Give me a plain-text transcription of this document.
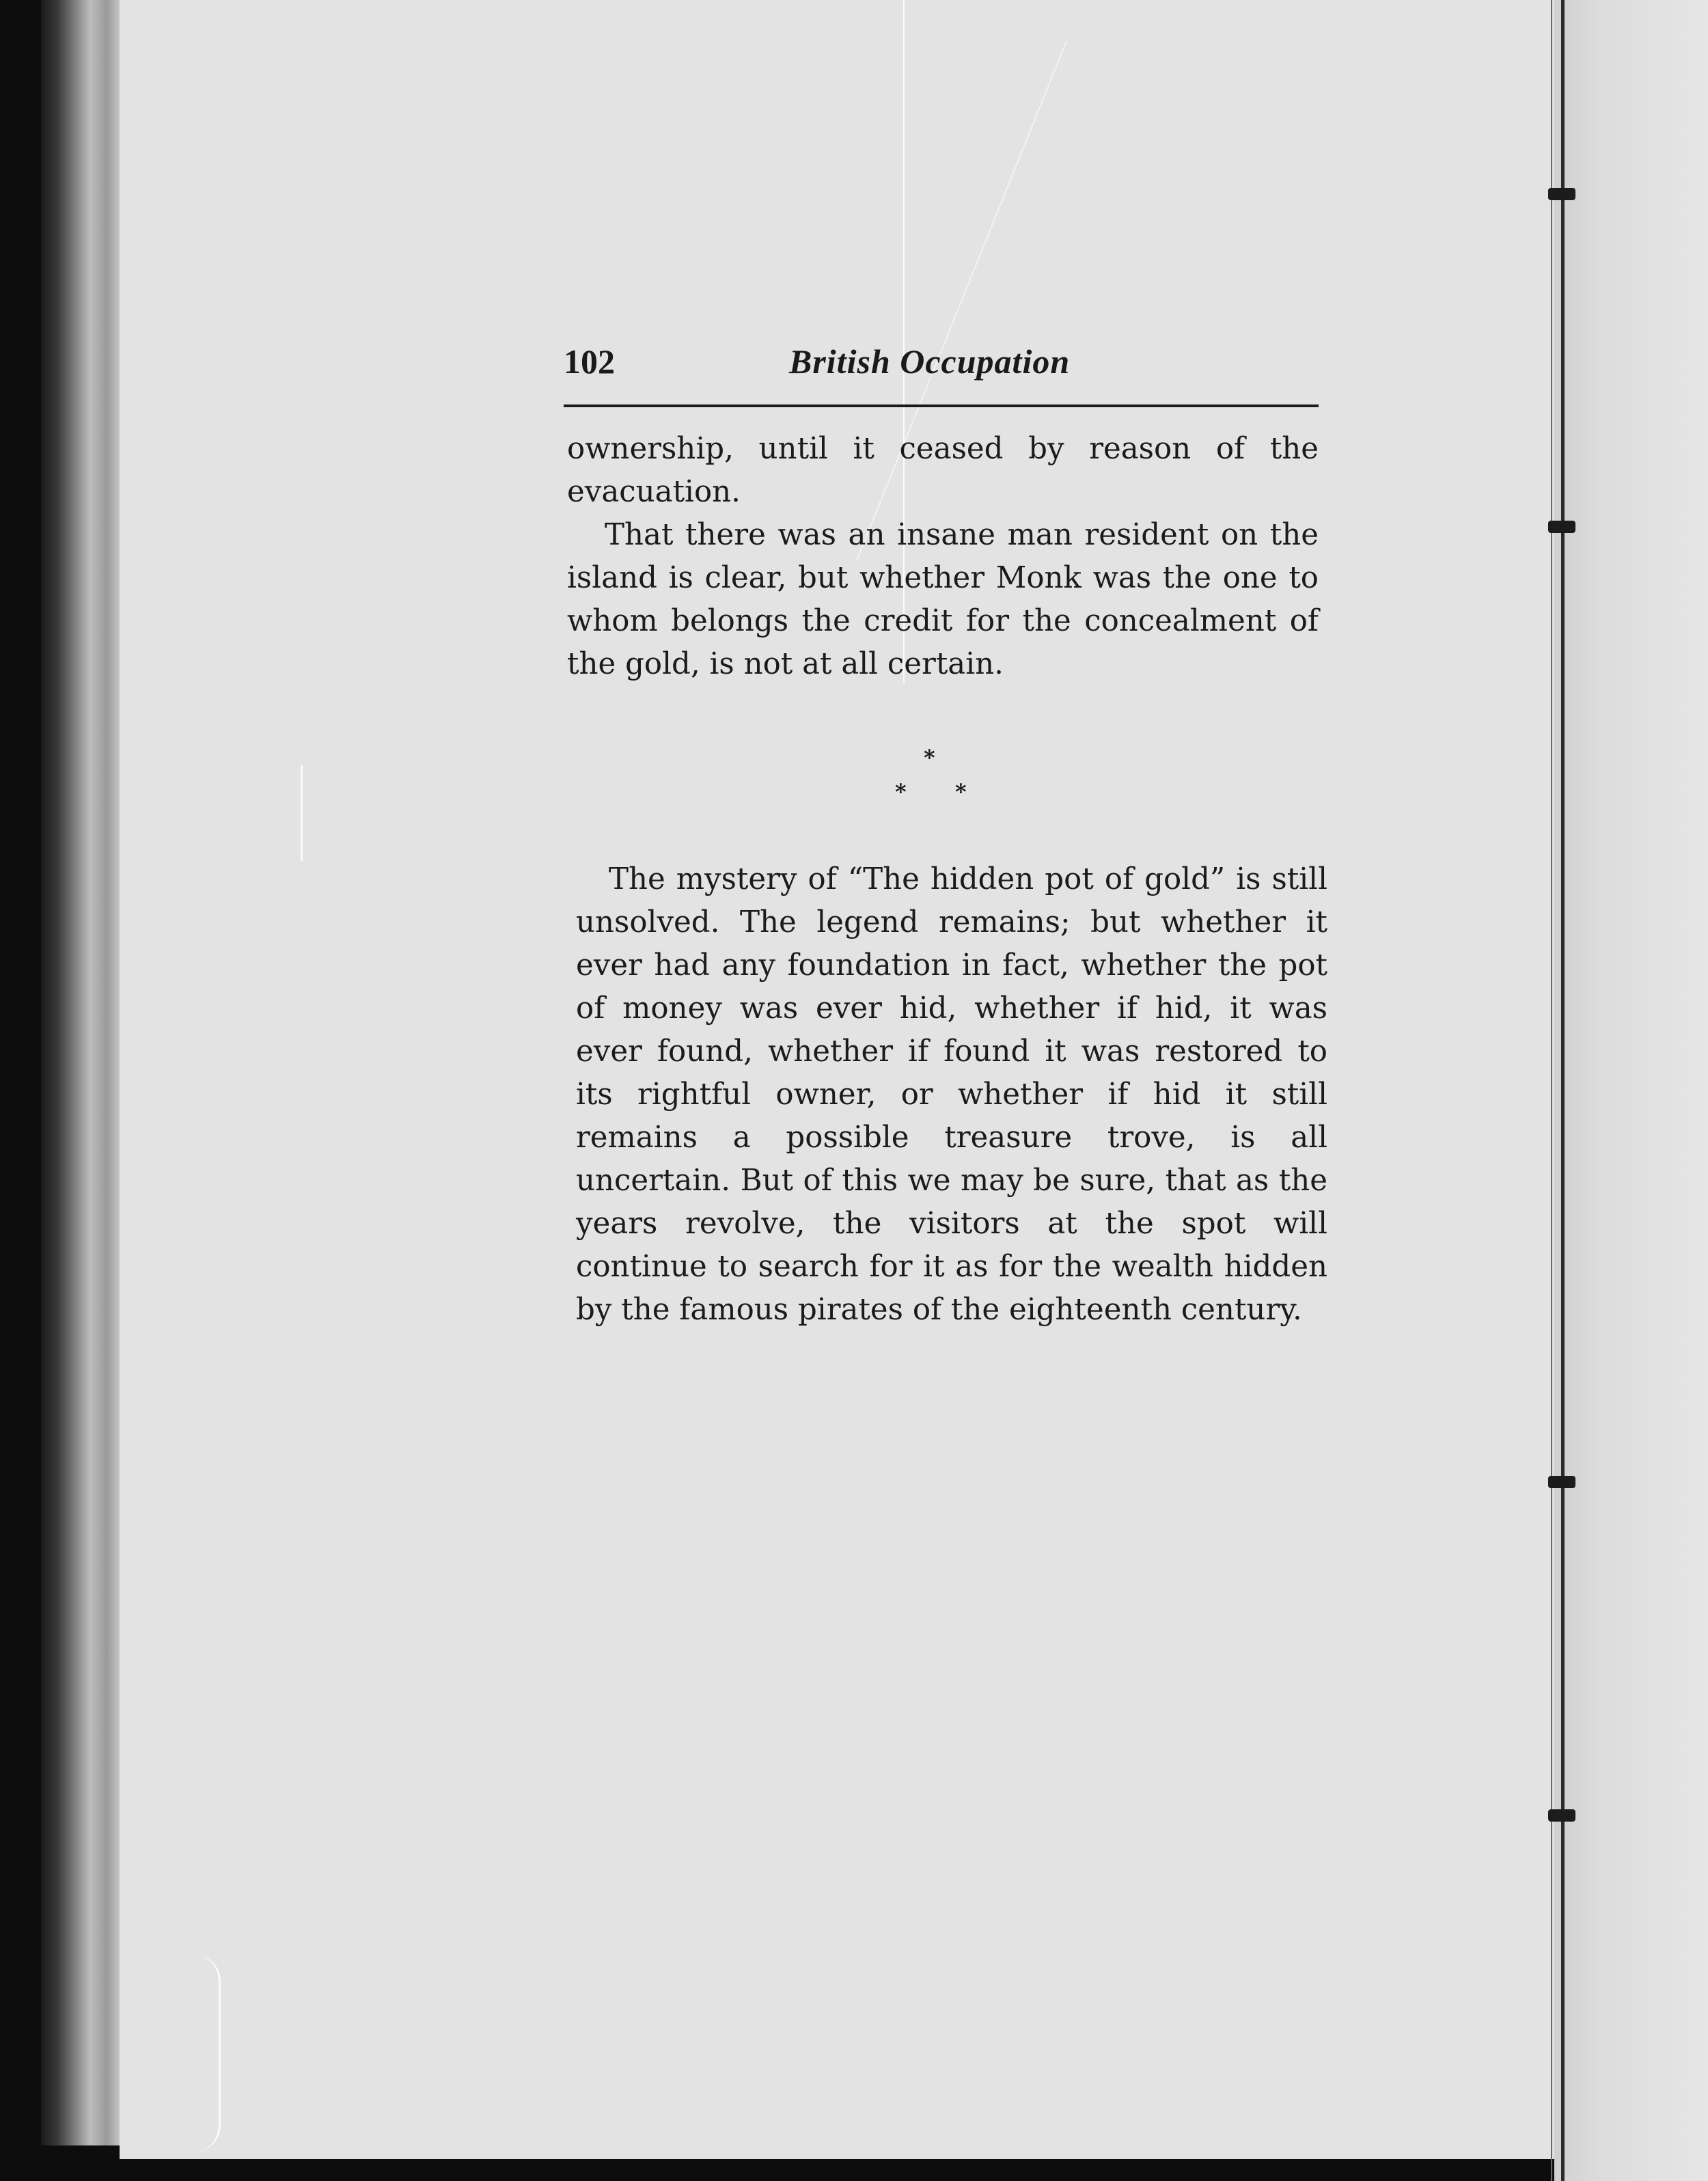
102	British Occupation

ownership, until it ceased by reason of the evacuation.

That there was an insane man resident on the island is clear, but whether Monk was the one to whom belongs the credit for the concealment of the gold, is not at all certain.

*
* *

The mystery of “The hidden pot of gold” is still unsolved. The legend remains; but whether it ever had any foundation in fact, whether the pot of money was ever hid, whether if hid, it was ever found, whether if found it was restored to its rightful owner, or whether if hid it still remains a possible treasure trove, is all uncertain. But of this we may be sure, that as the years revolve, the visitors at the spot will continue to search for it as for the wealth hidden by the famous pirates of the eighteenth century.
